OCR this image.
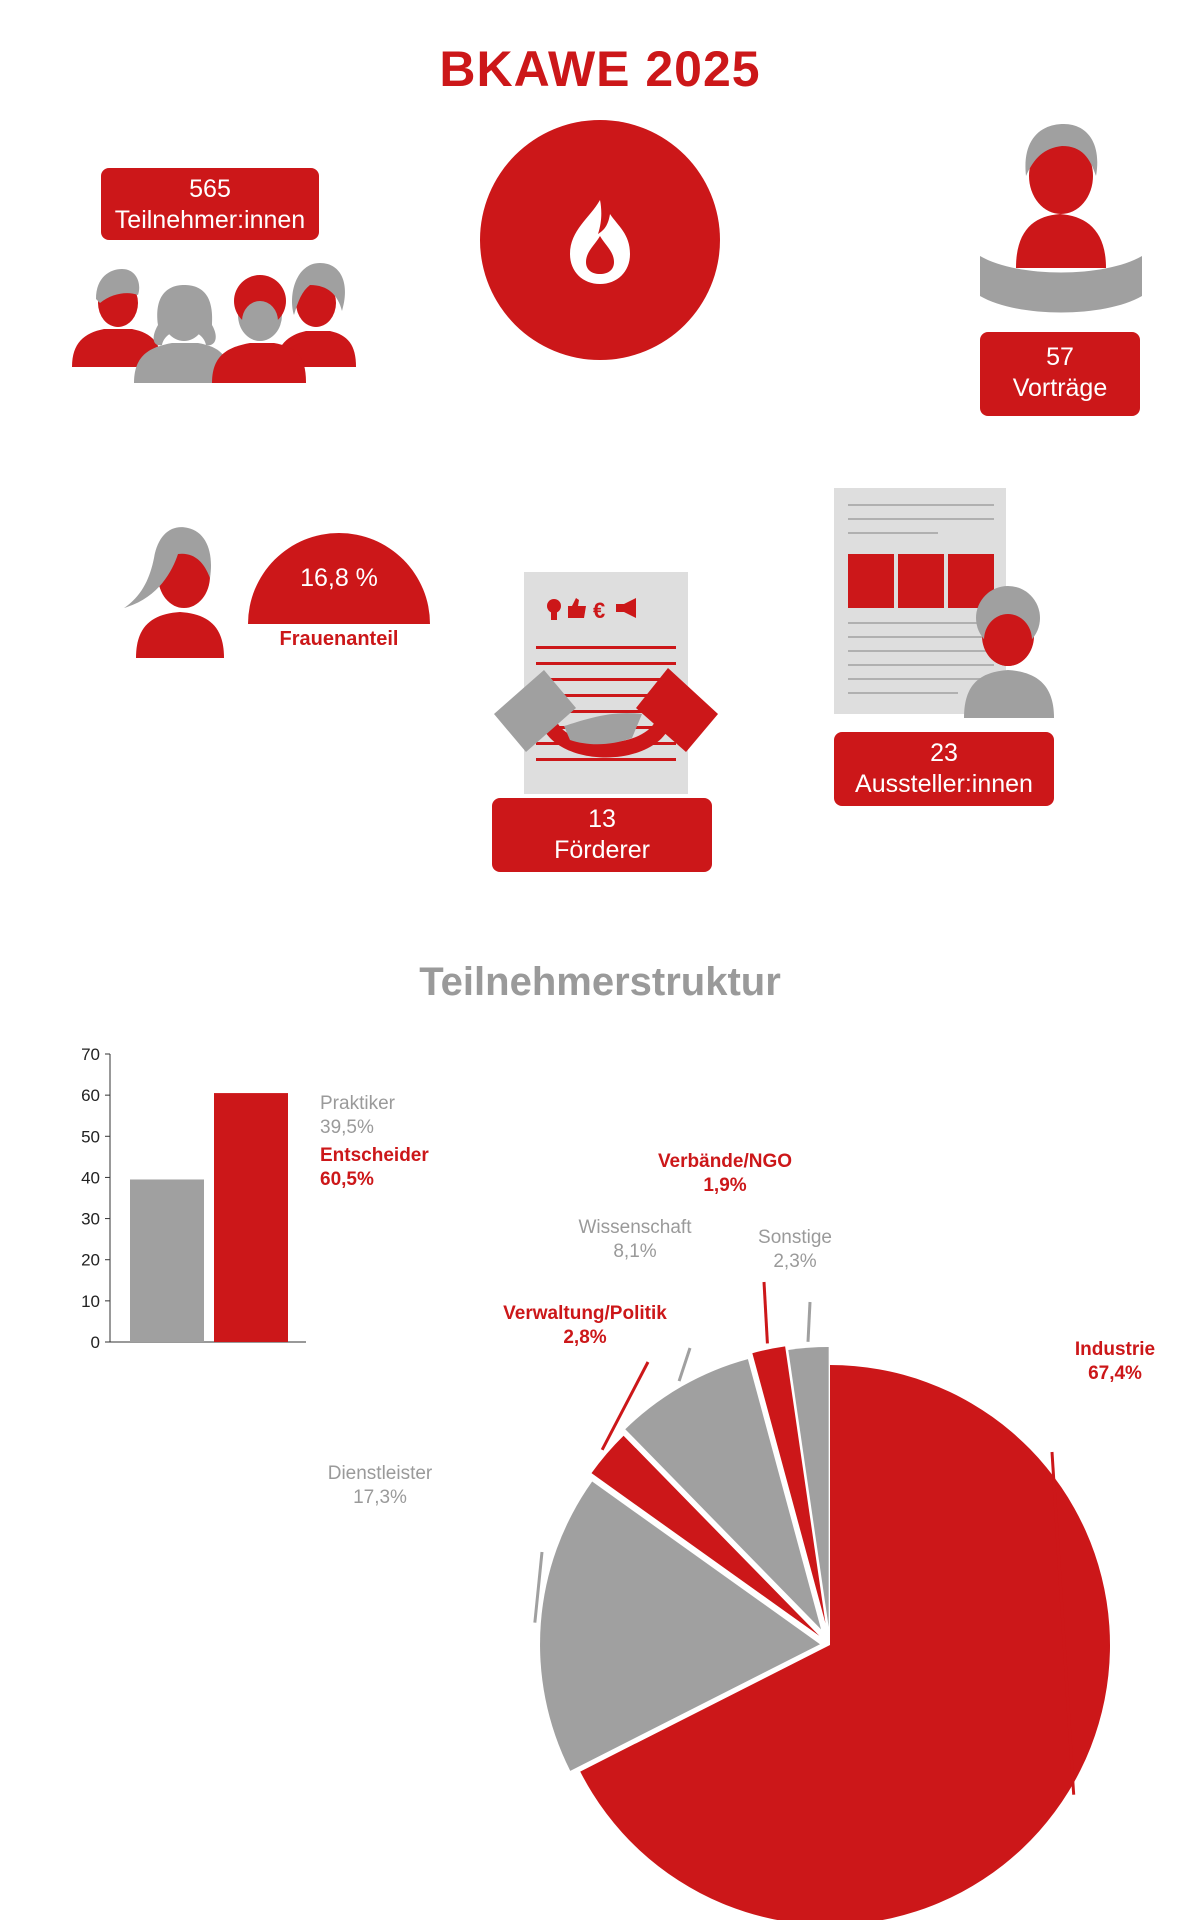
BKAWE 2025
565
Teilnehmer:innen
57
Vorträge
16,8 %
Frauenanteil
€
13
Förderer
23
Aussteller:innen
Teilnehmerstruktur
0
10
20
30
40
50
60
70
Praktiker
39,5%
Entscheider
60,5%
Industrie
67,4%
Dienstleister
17,3%
Verwaltung/Politik
2,8%
Wissenschaft
8,1%
Verbände/NGO
1,9%
Sonstige
2,3%
